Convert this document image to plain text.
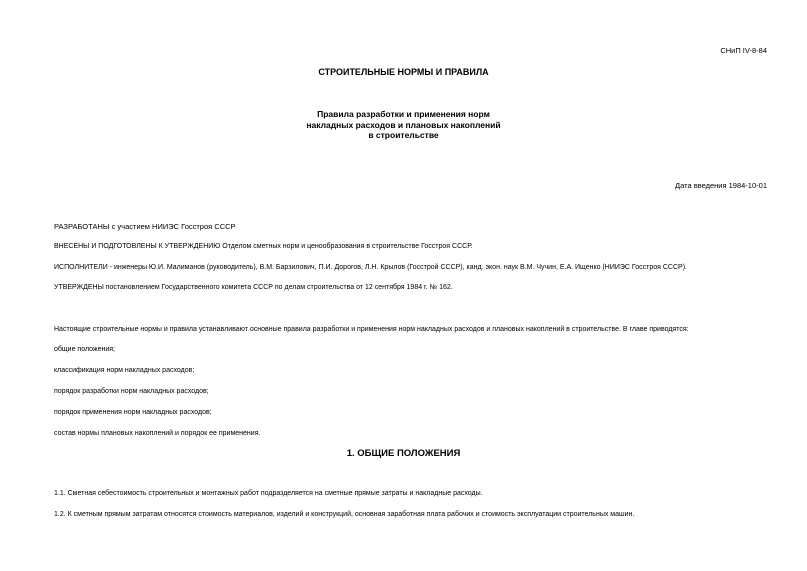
СНиП IV-8-84
СТРОИТЕЛЬНЫЕ НОРМЫ И ПРАВИЛА
Правила разработки и применения норм
накладных расходов и плановых накоплений
в строительстве
Дата введения 1984-10-01
РАЗРАБОТАНЫ с участием НИИЭС Госстроя СССР
ВНЕСЕНЫ И ПОДГОТОВЛЕНЫ К УТВЕРЖДЕНИЮ Отделом сметных норм и ценообразования в строительстве Госстроя СССР.
ИСПОЛНИТЕЛИ - инженеры Ю.И. Малиманов (руководитель), В.М. Барзилович, П.И. Дорогов, Л.Н. Крылов (Госстрой СССР), канд. экон. наук В.М. Чучин, Е.А. Ищенко (НИИЭС Госстроя СССР).
УТВЕРЖДЕНЫ постановлением Государственного комитета СССР по делам строительства от 12 сентября 1984 г. № 162.
Настоящие строительные нормы и правила устанавливают основные правила разработки и применения норм накладных расходов и плановых накоплений в строительстве. В главе приводятся:
общие положения;
классификация норм накладных расходов;
порядок разработки норм накладных расходов;
порядок применения норм накладных расходов;
состав нормы плановых накоплений и порядок ее применения.
1. ОБЩИЕ ПОЛОЖЕНИЯ
1.1. Сметная себестоимость строительных и монтажных работ подразделяется на сметные прямые затраты и накладные расходы.
1.2. К сметным прямым затратам относятся стоимость материалов, изделий и конструкций, основная заработная плата рабочих и стоимость эксплуатации строительных машин.
